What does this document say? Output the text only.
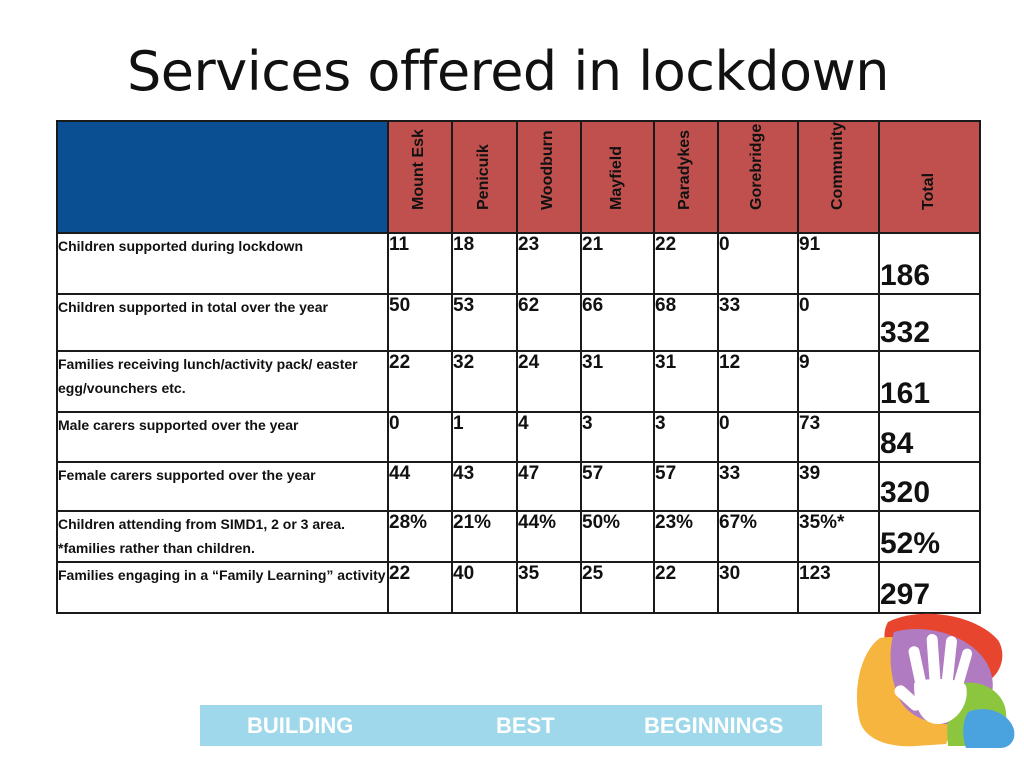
Services offered in lockdown

	Mount Esk	Penicuik	Woodburn	Mayfield	Paradykes	Gorebridge	Community	Total

Children supported during lockdown	11	18	23	21	22	0	91	186
Children supported in total over the year	50	53	62	66	68	33	0	332
Families receiving lunch/activity pack/ easter egg/vounchers etc.	22	32	24	31	31	12	9	161
Male carers supported over the year	0	1	4	3	3	0	73	84
Female carers supported over the year	44	43	47	57	57	33	39	320
Children attending from SIMD1, 2 or 3 area. *families rather than children.	28%	21%	44%	50%	23%	67%	35%*	52%
Families engaging in a “Family Learning” activity	22	40	35	25	22	30	123	297
BUILDING	BEST	BEGINNINGS
